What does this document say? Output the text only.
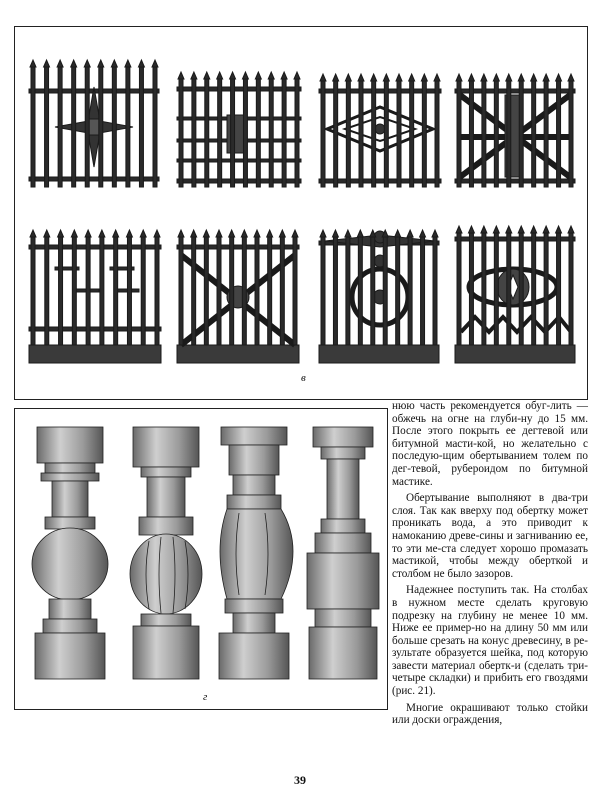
в
г

нюю часть рекомендуется обуг-лить — обжечь на огне на глуби-ну до 15 мм. После этого покрыть ее дегтевой или битумной масти-кой, но желательно с последую-щим обертыванием толем по дег-тевой, рубероидом по битумной мастике.

Обертывание выполняют в два-три слоя. Так как вверху под обертку может проникать вода, а это приводит к намоканию древе-сины и загниванию ее, то эти ме-ста следует хорошо промазать мастикой, чтобы между оберткой и столбом не было зазоров.

Надежнее поступить так. На столбах в нужном месте сделать круговую подрезку на глубину не менее 10 мм. Ниже ее пример-но на длину 50 мм или больше срезать на конус древесину, в ре-зультате образуется шейка, под которую завести материал обертк-и (сделать три-четыре складки) и прибить его гвоздями (рис. 21).

Многие окрашивают только стойки или доски ограждения,

39
